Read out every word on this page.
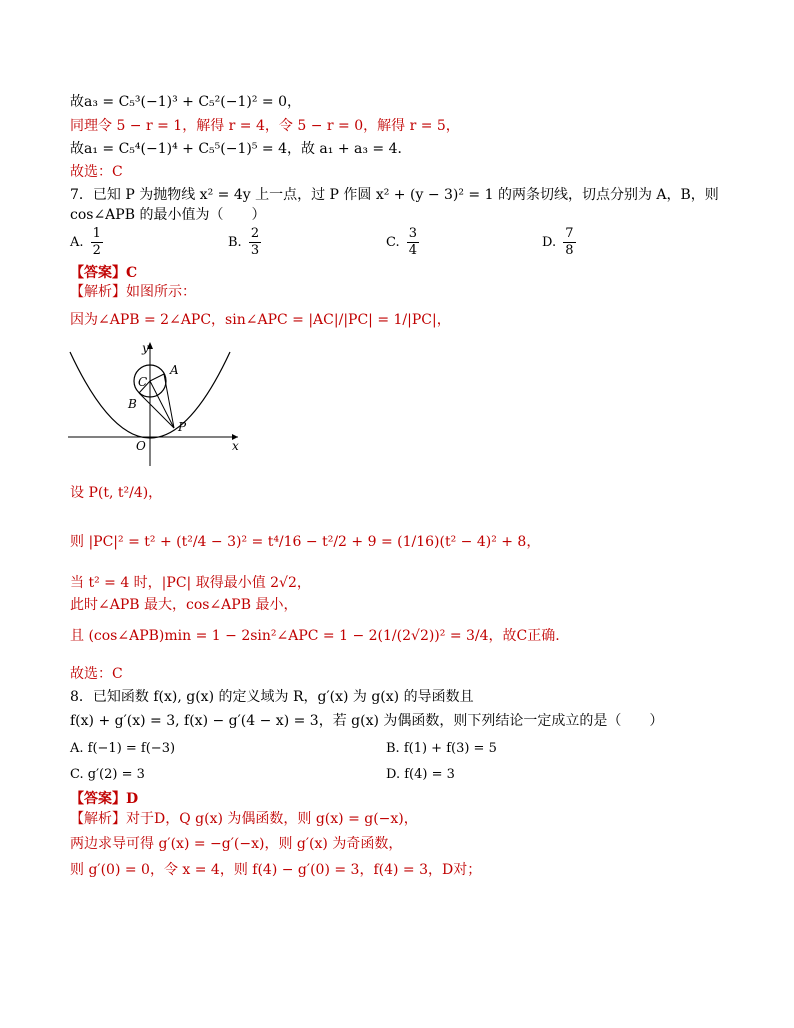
故a₃ = C₅³(−1)³ + C₅²(−1)² = 0，
同理令 5 − r = 1，解得 r = 4，令 5 − r = 0，解得 r = 5，
故a₁ = C₅⁴(−1)⁴ + C₅⁵(−1)⁵ = 4，故 a₁ + a₃ = 4．
故选：C
7．已知 P 为抛物线 x² = 4y 上一点，过 P 作圆 x² + (y − 3)² = 1 的两条切线，切点分别为 A，B，则
cos∠APB 的最小值为（　　）
A. $\frac{1}{2}$	B. $\frac{2}{3}$	C. $\frac{3}{4}$	D. $\frac{7}{8}$
【答案】C
【解析】如图所示：
因为∠APB = 2∠APC，sin∠APC = |AC|/|PC| = 1/|PC|，
y
x
O
A
B
C
P
设 P(t, t²/4)，
则 |PC|² = t² + (t²/4 − 3)² = t⁴/16 − t²/2 + 9 = (1/16)(t² − 4)² + 8，
当 t² = 4 时，|PC| 取得最小值 2√2，
此时∠APB 最大，cos∠APB 最小，
且 (cos∠APB)min = 1 − 2sin²∠APC = 1 − 2(1/(2√2))² = 3/4，故C正确.
故选：C
8．已知函数 f(x), g(x) 的定义域为 R，g′(x) 为 g(x) 的导函数且
f(x) + g′(x) = 3, f(x) − g′(4 − x) = 3，若 g(x) 为偶函数，则下列结论一定成立的是（　　）
A. f(−1) = f(−3)	B. f(1) + f(3) = 5
C. g′(2) = 3	D. f(4) = 3
【答案】D
【解析】对于D，Q g(x) 为偶函数，则 g(x) = g(−x)，
两边求导可得 g′(x) = −g′(−x)，则 g′(x) 为奇函数，
则 g′(0) = 0，令 x = 4，则 f(4) − g′(0) = 3，f(4) = 3，D对；
